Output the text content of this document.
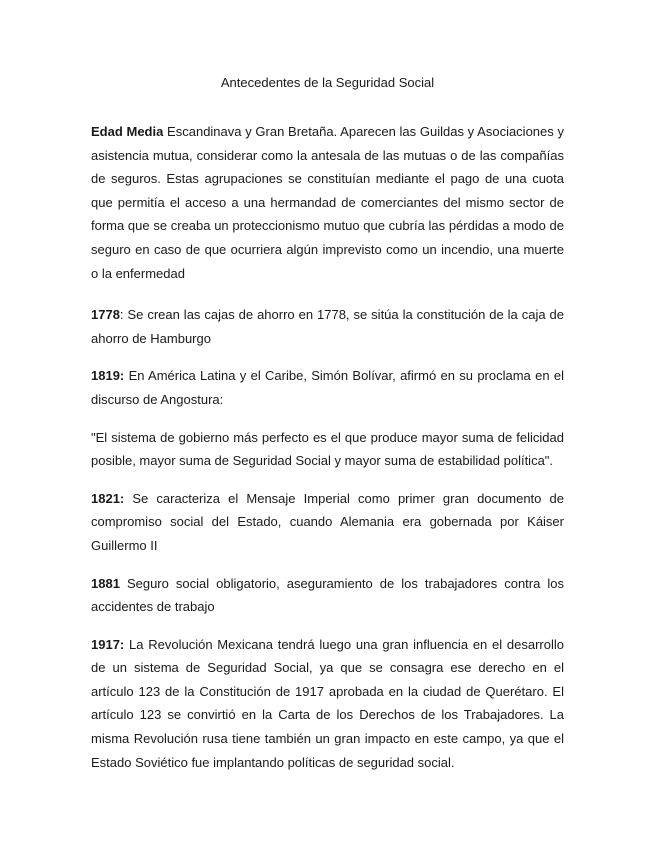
Antecedentes de la Seguridad Social

Edad Media Escandinava y Gran Bretaña. Aparecen las Guildas y Asociaciones y asistencia mutua, considerar como la antesala de las mutuas o de las compañías de seguros. Estas agrupaciones se constituían mediante el pago de una cuota que permitía el acceso a una hermandad de comerciantes del mismo sector de forma que se creaba un proteccionismo mutuo que cubría las pérdidas a modo de seguro en caso de que ocurriera algún imprevisto como un incendio, una muerte o la enfermedad

1778: Se crean las cajas de ahorro en 1778, se sitúa la constitución de la caja de ahorro de Hamburgo

1819: En América Latina y el Caribe, Simón Bolívar, afirmó en su proclama en el discurso de Angostura:

"El sistema de gobierno más perfecto es el que produce mayor suma de felicidad posible, mayor suma de Seguridad Social y mayor suma de estabilidad política".

1821: Se caracteriza el Mensaje Imperial como primer gran documento de compromiso social del Estado, cuando Alemania era gobernada por Káiser Guillermo II

1881 Seguro social obligatorio, aseguramiento de los trabajadores contra los accidentes de trabajo

1917: La Revolución Mexicana tendrá luego una gran influencia en el desarrollo de un sistema de Seguridad Social, ya que se consagra ese derecho en el artículo 123 de la Constitución de 1917 aprobada en la ciudad de Querétaro. El artículo 123 se convirtió en la Carta de los Derechos de los Trabajadores. La misma Revolución rusa tiene también un gran impacto en este campo, ya que el Estado Soviético fue implantando políticas de seguridad social.
